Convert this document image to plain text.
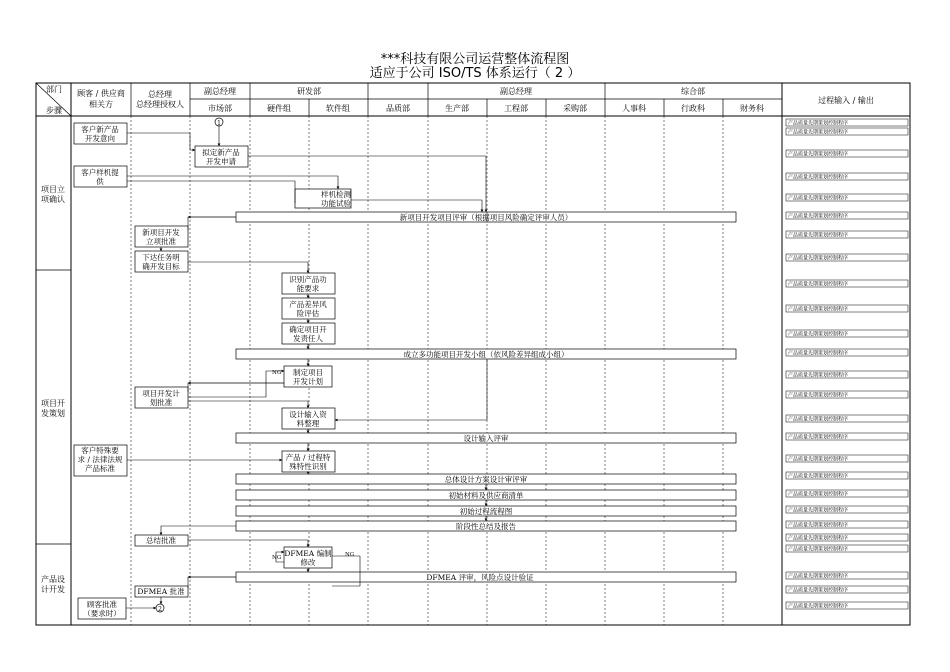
***科技有限公司运营整体流程图
适应于公司 ISO/TS 体系运行（ 2 ）
部门
步骤
顾客 / 供应商
相关方
总经理
总经理授权人
副总经理
市场部
研发部
硬件组	软件组	品质部
副总经理
生产部	工程部	采购部
综合部
人事科	行政科	财务科
过程输入 / 输出
项目立
项确认
项目开
发策划
产品设
计开发
客户新产品
开发意向
拟定新产品
开发申请
客户样机提
供
样机检测
功能试验
新项目开发
立项批准
下达任务明
确开发目标
识别产品功
能要求
产品差异风
险评估
确定项目开
发责任人
制定项目
开发计划
项目开发计
划批准
设计输入资
料整理
客户特殊要
求 / 法律法规
产品标准
产品 / 过程特
殊特性识别
总结批准
DFMEA 编制
修改
DFMEA 批准
顾客批准
（要求时）
新项目开发项目评审（根据项目风险确定评审人员）
成立多功能项目开发小组（依风险差异组成小组）
设计输入评审
总体设计方案设计审评审
初始材料及供应商清单
初始过程流程图
阶段性总结及报告
DFMEA 评审，风险点设计验证
1
2
NG
NG	NG
产品质量先期策划控制程序
产品质量先期策划控制程序
产品质量先期策划控制程序
产品质量先期策划控制程序
产品质量先期策划控制程序
产品质量先期策划控制程序
产品质量先期策划控制程序
产品质量先期策划控制程序
产品质量先期策划控制程序
产品质量先期策划控制程序
产品质量先期策划控制程序
产品质量先期策划控制程序
产品质量先期策划控制程序
产品质量先期策划控制程序
产品质量先期策划控制程序
产品质量先期策划控制程序
产品质量先期策划控制程序
产品质量先期策划控制程序
产品质量先期策划控制程序
产品质量先期策划控制程序
产品质量先期策划控制程序
产品质量先期策划控制程序
产品质量先期策划控制程序
产品质量先期策划控制程序
产品质量先期策划控制程序
产品质量先期策划控制程序
